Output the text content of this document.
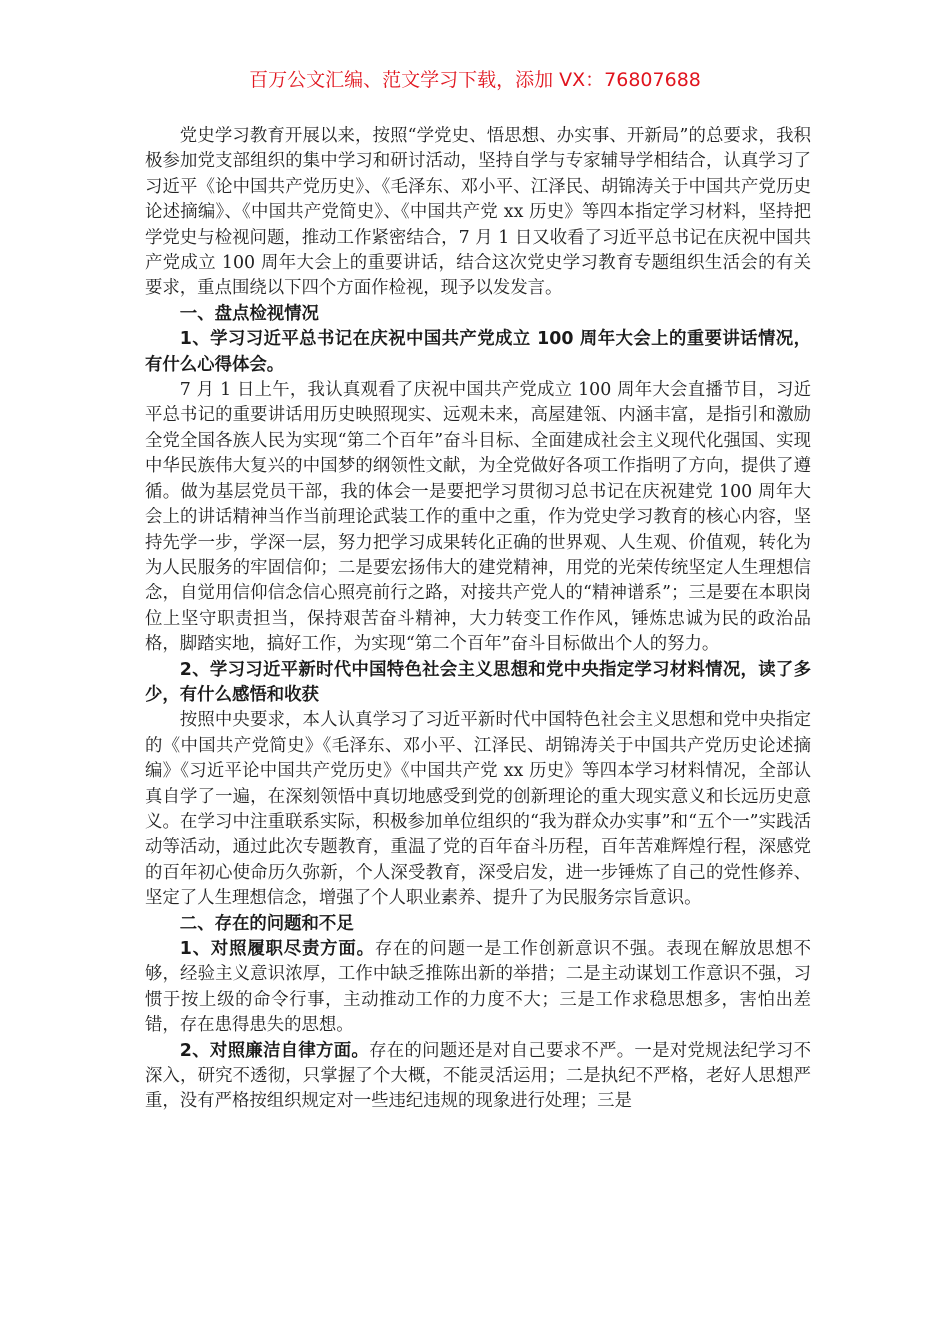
百万公文汇编、范文学习下载，添加 VX：76807688

党史学习教育开展以来，按照“学党史、悟思想、办实事、开新局”的总要求，我积极参加党支部组织的集中学习和研讨活动，坚持自学与专家辅导学相结合，认真学习了习近平《论中国共产党历史》、《毛泽东、邓小平、江泽民、胡锦涛关于中国共产党历史论述摘编》、《中国共产党简史》、《中国共产党 xx 历史》等四本指定学习材料，坚持把学党史与检视问题，推动工作紧密结合，7 月 1 日又收看了习近平总书记在庆祝中国共产党成立 100 周年大会上的重要讲话，结合这次党史学习教育专题组织生活会的有关要求，重点围绕以下四个方面作检视，现予以发发言。

一、盘点检视情况

1、学习习近平总书记在庆祝中国共产党成立 100 周年大会上的重要讲话情况，有什么心得体会。

7 月 1 日上午，我认真观看了庆祝中国共产党成立 100 周年大会直播节目，习近平总书记的重要讲话用历史映照现实、远观未来，高屋建瓴、内涵丰富，是指引和激励全党全国各族人民为实现“第二个百年”奋斗目标、全面建成社会主义现代化强国、实现中华民族伟大复兴的中国梦的纲领性文献，为全党做好各项工作指明了方向，提供了遵循。做为基层党员干部，我的体会一是要把学习贯彻习总书记在庆祝建党 100 周年大会上的讲话精神当作当前理论武装工作的重中之重，作为党史学习教育的核心内容，坚持先学一步，学深一层，努力把学习成果转化正确的世界观、人生观、价值观，转化为为人民服务的牢固信仰；二是要宏扬伟大的建党精神，用党的光荣传统坚定人生理想信念，自觉用信仰信念信心照亮前行之路，对接共产党人的“精神谱系”；三是要在本职岗位上坚守职责担当，保持艰苦奋斗精神，大力转变工作作风，锤炼忠诚为民的政治品格，脚踏实地，搞好工作，为实现“第二个百年”奋斗目标做出个人的努力。

2、学习习近平新时代中国特色社会主义思想和党中央指定学习材料情况，读了多少，有什么感悟和收获

按照中央要求，本人认真学习了习近平新时代中国特色社会主义思想和党中央指定的《中国共产党简史》《毛泽东、邓小平、江泽民、胡锦涛关于中国共产党历史论述摘编》《习近平论中国共产党历史》《中国共产党 xx 历史》等四本学习材料情况，全部认真自学了一遍，在深刻领悟中真切地感受到党的创新理论的重大现实意义和长远历史意义。在学习中注重联系实际，积极参加单位组织的“我为群众办实事”和“五个一”实践活动等活动，通过此次专题教育，重温了党的百年奋斗历程，百年苦难辉煌行程，深感党的百年初心使命历久弥新，个人深受教育，深受启发，进一步锤炼了自己的党性修养、坚定了人生理想信念，增强了个人职业素养、提升了为民服务宗旨意识。

二、存在的问题和不足

1、对照履职尽责方面。存在的问题一是工作创新意识不强。表现在解放思想不够，经验主义意识浓厚，工作中缺乏推陈出新的举措；二是主动谋划工作意识不强，习惯于按上级的命令行事，主动推动工作的力度不大；三是工作求稳思想多，害怕出差错，存在患得患失的思想。

2、对照廉洁自律方面。存在的问题还是对自己要求不严。一是对党规法纪学习不深入，研究不透彻，只掌握了个大概，不能灵活运用；二是执纪不严格，老好人思想严重，没有严格按组织规定对一些违纪违规的现象进行处理；三是
